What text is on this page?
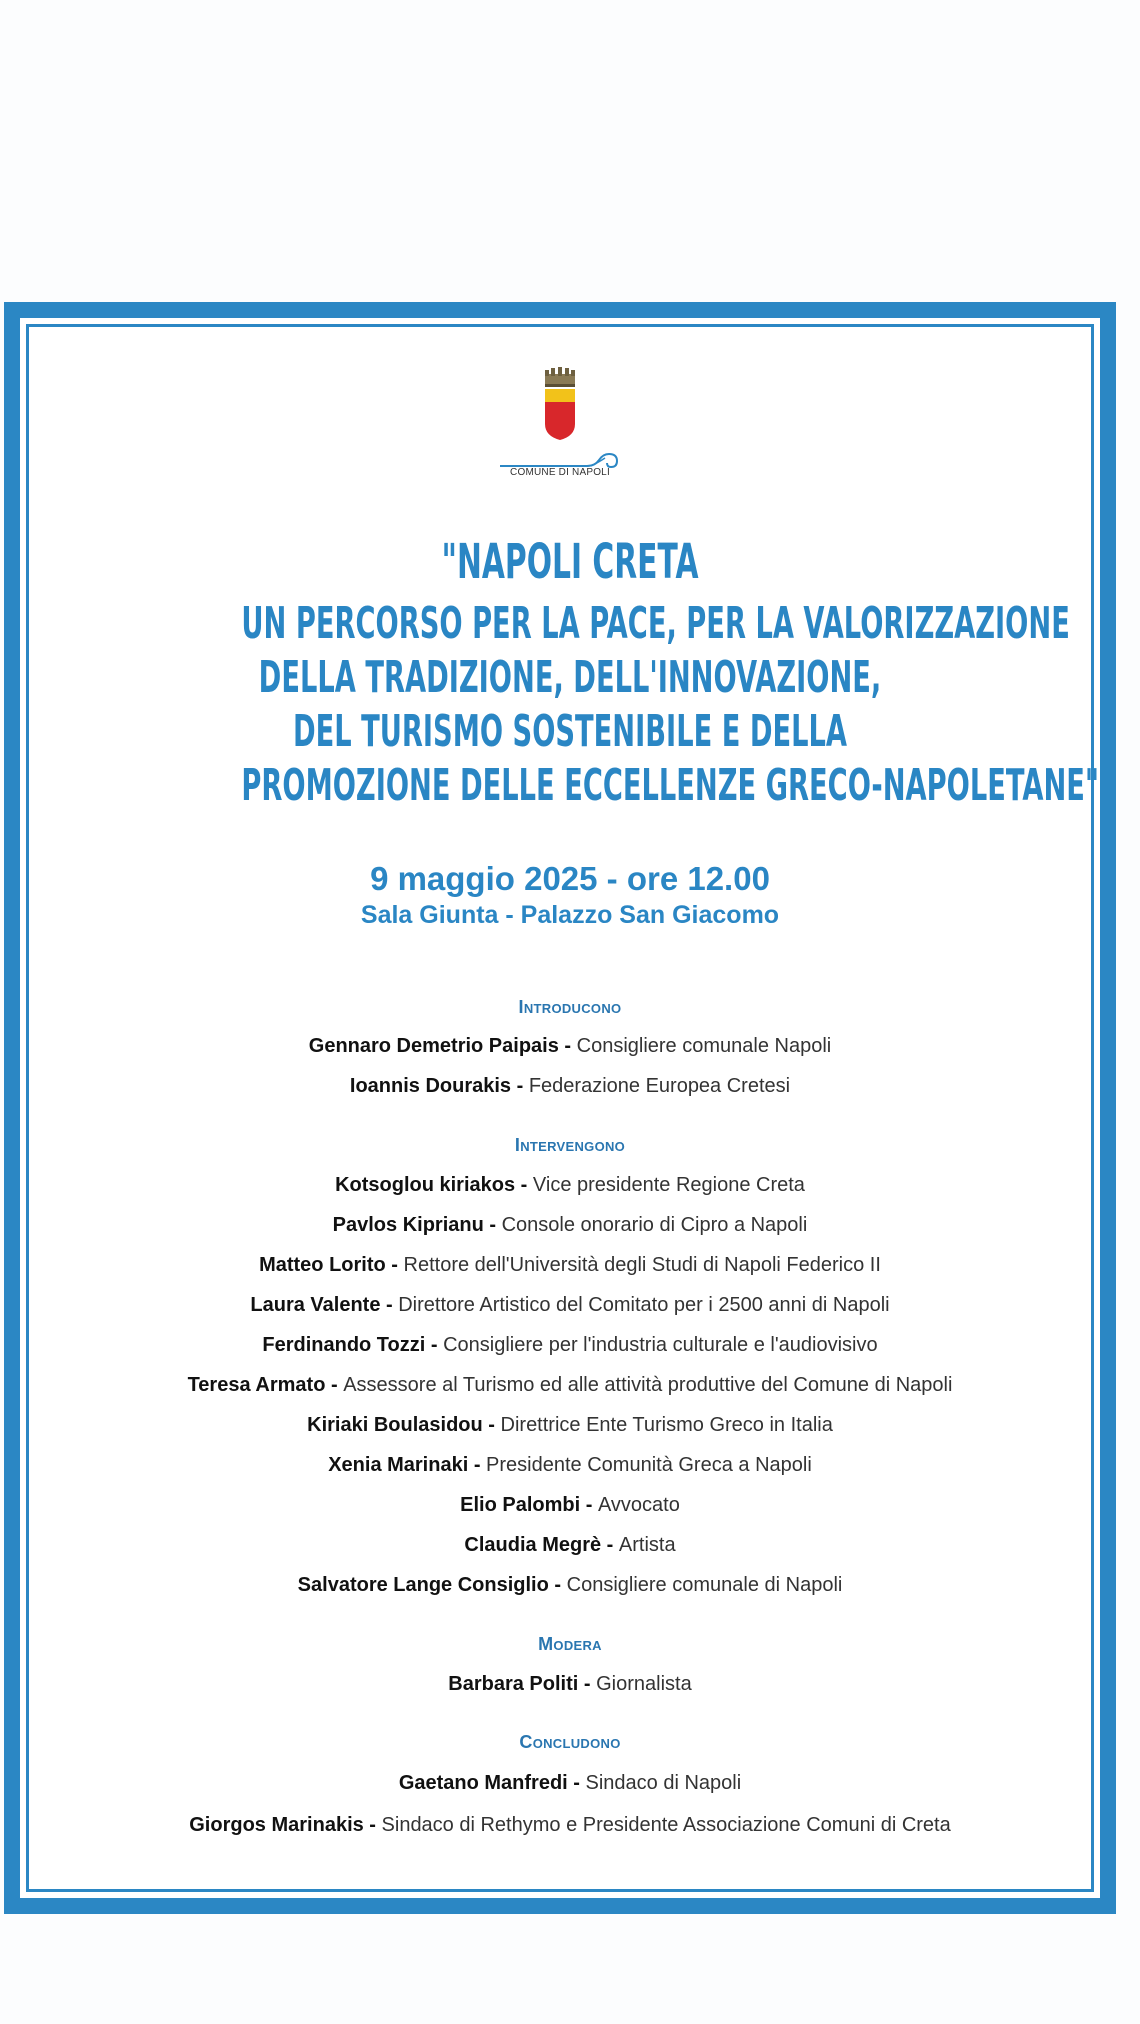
COMUNE DI NAPOLI
"NAPOLI CRETA
UN PERCORSO PER LA PACE, PER LA VALORIZZAZIONE
DELLA TRADIZIONE, DELL'INNOVAZIONE,
DEL TURISMO SOSTENIBILE E DELLA
PROMOZIONE DELLE ECCELLENZE GRECO-NAPOLETANE"
9 maggio 2025 - ore 12.00
Sala Giunta - Palazzo San Giacomo
Introducono
Gennaro Demetrio Paipais - Consigliere comunale Napoli
Ioannis Dourakis - Federazione Europea Cretesi
Intervengono
Kotsoglou kiriakos - Vice presidente Regione Creta
Pavlos Kiprianu - Console onorario di Cipro a Napoli
Matteo Lorito - Rettore dell'Università degli Studi di Napoli Federico II
Laura Valente - Direttore Artistico del Comitato per i 2500 anni di Napoli
Ferdinando Tozzi - Consigliere per l'industria culturale e l'audiovisivo
Teresa Armato - Assessore al Turismo ed alle attività produttive del Comune di Napoli
Kiriaki Boulasidou - Direttrice Ente Turismo Greco in Italia
Xenia Marinaki - Presidente Comunità Greca a Napoli
Elio Palombi - Avvocato
Claudia Megrè - Artista
Salvatore Lange Consiglio - Consigliere comunale di Napoli
Modera
Barbara Politi - Giornalista
Concludono
Gaetano Manfredi - Sindaco di Napoli
Giorgos Marinakis - Sindaco di Rethymo e Presidente Associazione Comuni di Creta
